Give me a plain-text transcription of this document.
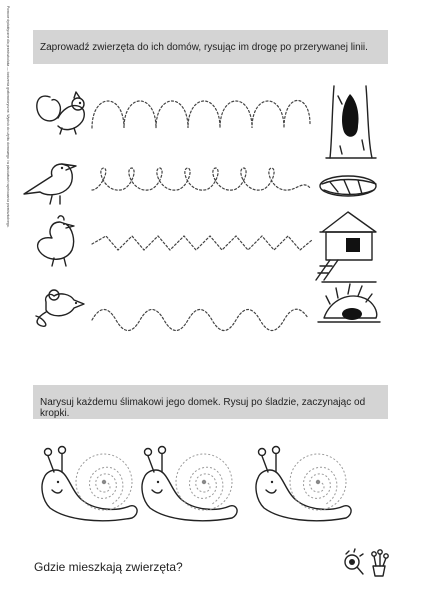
Pomoce dydaktyczne dla przedszkolaka — ćwiczenia grafomotoryczne. Wydruk do użytku domowego i w placówkach wychowania przedszkolnego.	Zaprowadź zwierzęta do ich domów, rysując im drogę po przerywanej linii.
Narysuj każdemu ślimakowi jego domek. Rysuj po śladzie, zaczynając od kropki.
Gdzie mieszkają zwierzęta?
